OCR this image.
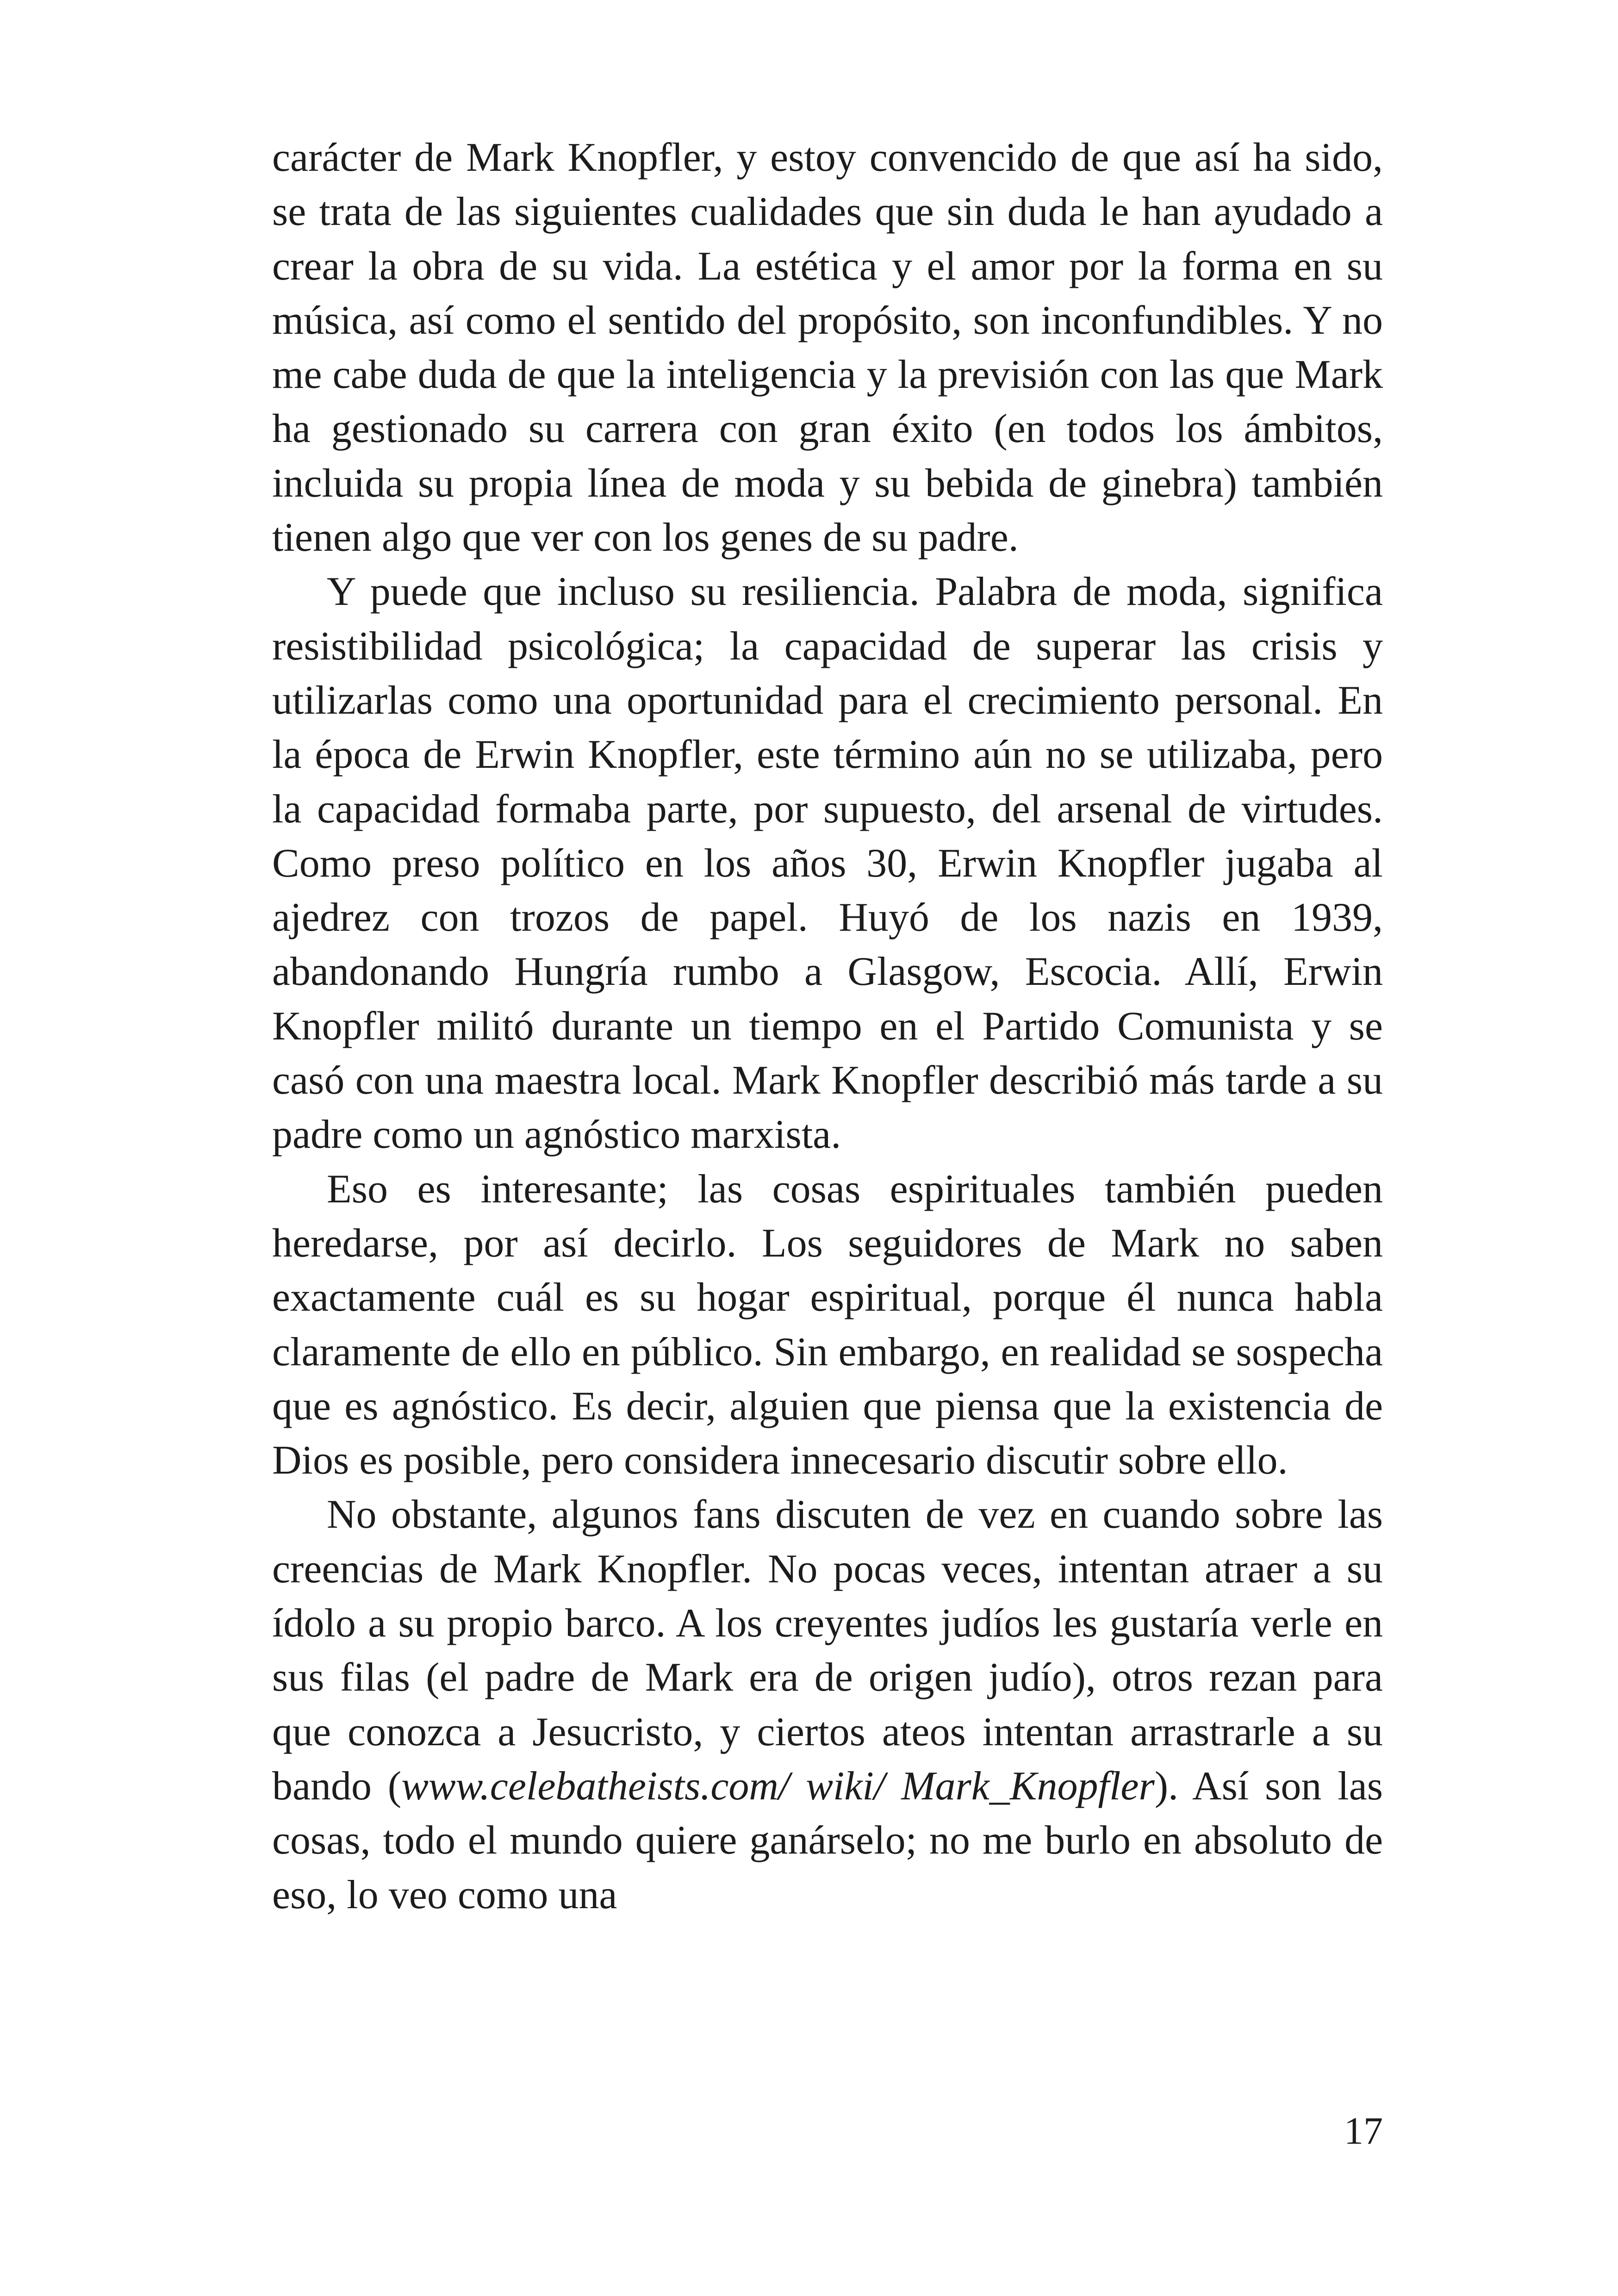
carácter de Mark Knopfler, y estoy convencido de que así ha sido, se trata de las siguientes cualidades que sin duda le han ayudado a crear la obra de su vida. La estética y el amor por la forma en su música, así como el sentido del propósito, son inconfundibles. Y no me cabe duda de que la inteligencia y la previsión con las que Mark ha gestionado su carrera con gran éxito (en todos los ámbitos, incluida su propia línea de moda y su bebida de ginebra) también tienen algo que ver con los genes de su padre.

Y puede que incluso su resiliencia. Palabra de moda, significa resistibilidad psicológica; la capacidad de superar las crisis y utilizarlas como una oportunidad para el crecimiento personal. En la época de Erwin Knopfler, este término aún no se utilizaba, pero la capacidad formaba parte, por supuesto, del arsenal de virtudes. Como preso político en los años 30, Erwin Knopfler jugaba al ajedrez con trozos de papel. Huyó de los nazis en 1939, abandonando Hungría rumbo a Glasgow, Escocia. Allí, Erwin Knopfler militó durante un tiempo en el Partido Comunista y se casó con una maestra local. Mark Knopfler describió más tarde a su padre como un agnóstico marxista.

Eso es interesante; las cosas espirituales también pueden heredarse, por así decirlo. Los seguidores de Mark no saben exactamente cuál es su hogar espiritual, porque él nunca habla claramente de ello en público. Sin embargo, en realidad se sospecha que es agnóstico. Es decir, alguien que piensa que la existencia de Dios es posible, pero considera innecesario discutir sobre ello.

No obstante, algunos fans discuten de vez en cuando sobre las creencias de Mark Knopfler. No pocas veces, intentan atraer a su ídolo a su propio barco. A los creyentes judíos les gustaría verle en sus filas (el padre de Mark era de origen judío), otros rezan para que conozca a Jesucristo, y ciertos ateos intentan arrastrarle a su bando (www.celebatheists.com/ wiki/ Mark_Knopfler). Así son las cosas, todo el mundo quiere ganárselo; no me burlo en absoluto de eso, lo veo como una

17
